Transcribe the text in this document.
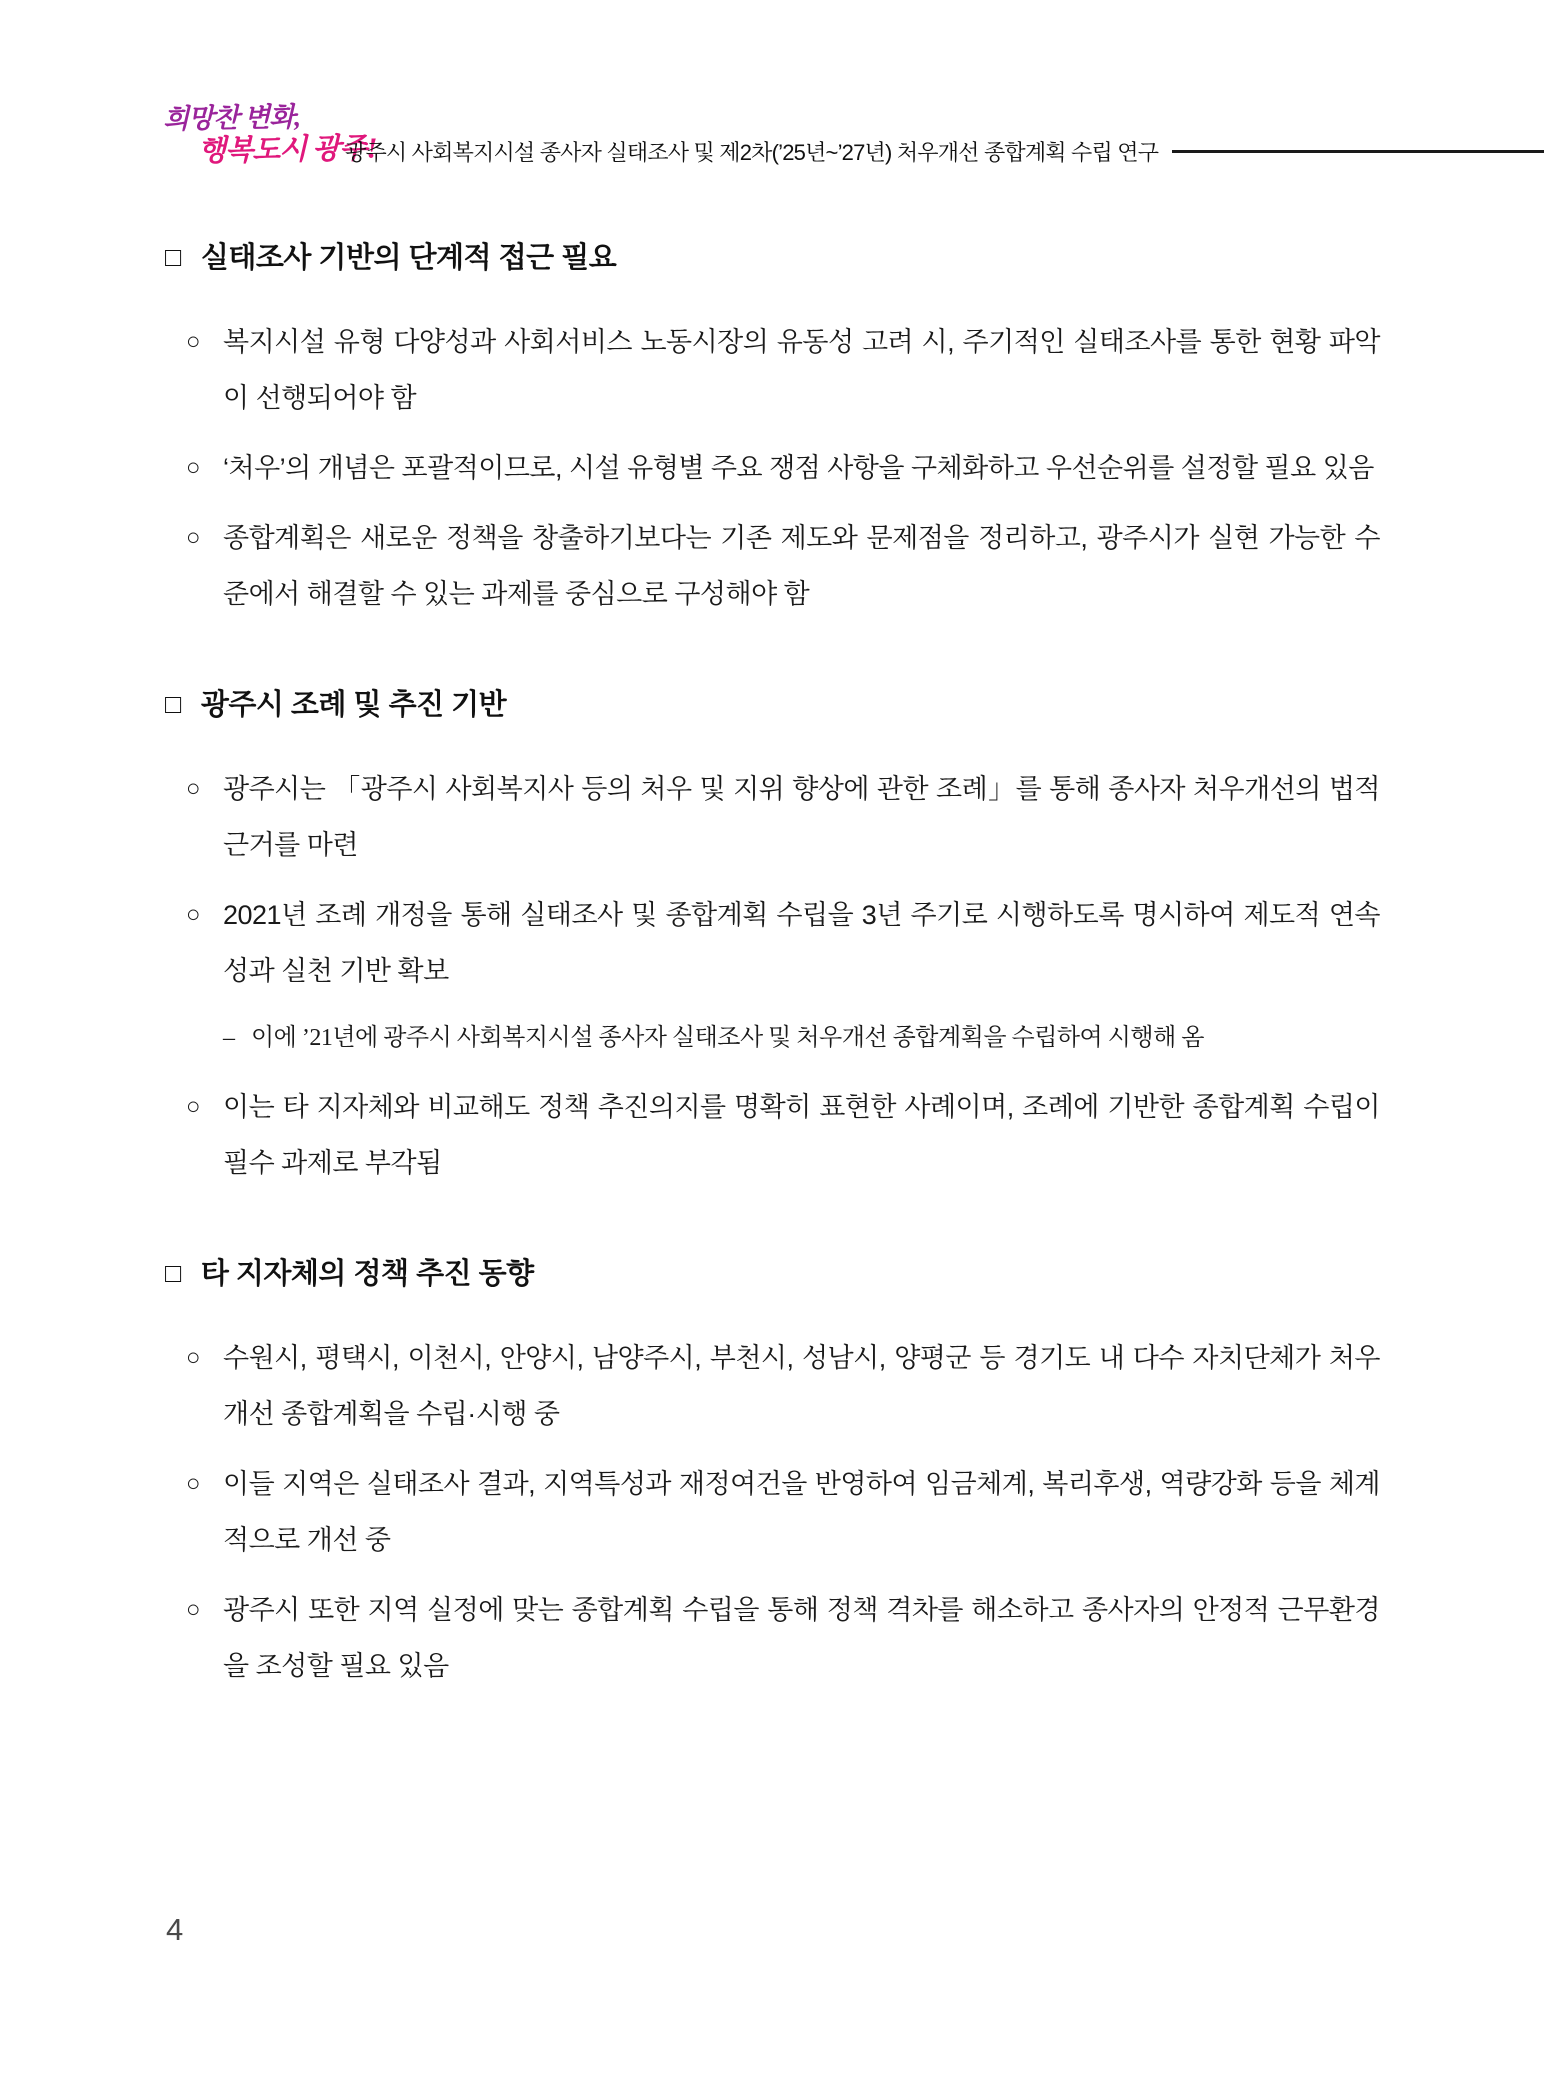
희망찬 변화,
행복도시 광주!
광주시 사회복지시설 종사자 실태조사 및 제2차(’25년~’27년) 처우개선 종합계획 수립 연구
□ 실태조사 기반의 단계적 접근 필요
○ 복지시설 유형 다양성과 사회서비스 노동시장의 유동성 고려 시, 주기적인 실태조사를 통한 현황 파악이 선행되어야 함

○ ‘처우’의 개념은 포괄적이므로, 시설 유형별 주요 쟁점 사항을 구체화하고 우선순위를 설정할 필요 있음

○ 종합계획은 새로운 정책을 창출하기보다는 기존 제도와 문제점을 정리하고, 광주시가 실현 가능한 수준에서 해결할 수 있는 과제를 중심으로 구성해야 함

□ 광주시 조례 및 추진 기반
○ 광주시는 「광주시 사회복지사 등의 처우 및 지위 향상에 관한 조례」를 통해 종사자 처우개선의 법적 근거를 마련

○ 2021년 조례 개정을 통해 실태조사 및 종합계획 수립을 3년 주기로 시행하도록 명시하여 제도적 연속성과 실천 기반 확보

– 이에 ’21년에 광주시 사회복지시설 종사자 실태조사 및 처우개선 종합계획을 수립하여 시행해 옴

○ 이는 타 지자체와 비교해도 정책 추진의지를 명확히 표현한 사례이며, 조례에 기반한 종합계획 수립이 필수 과제로 부각됨

□ 타 지자체의 정책 추진 동향
○ 수원시, 평택시, 이천시, 안양시, 남양주시, 부천시, 성남시, 양평군 등 경기도 내 다수 자치단체가 처우개선 종합계획을 수립·시행 중

○ 이들 지역은 실태조사 결과, 지역특성과 재정여건을 반영하여 임금체계, 복리후생, 역량강화 등을 체계적으로 개선 중

○ 광주시 또한 지역 실정에 맞는 종합계획 수립을 통해 정책 격차를 해소하고 종사자의 안정적 근무환경을 조성할 필요 있음

4
